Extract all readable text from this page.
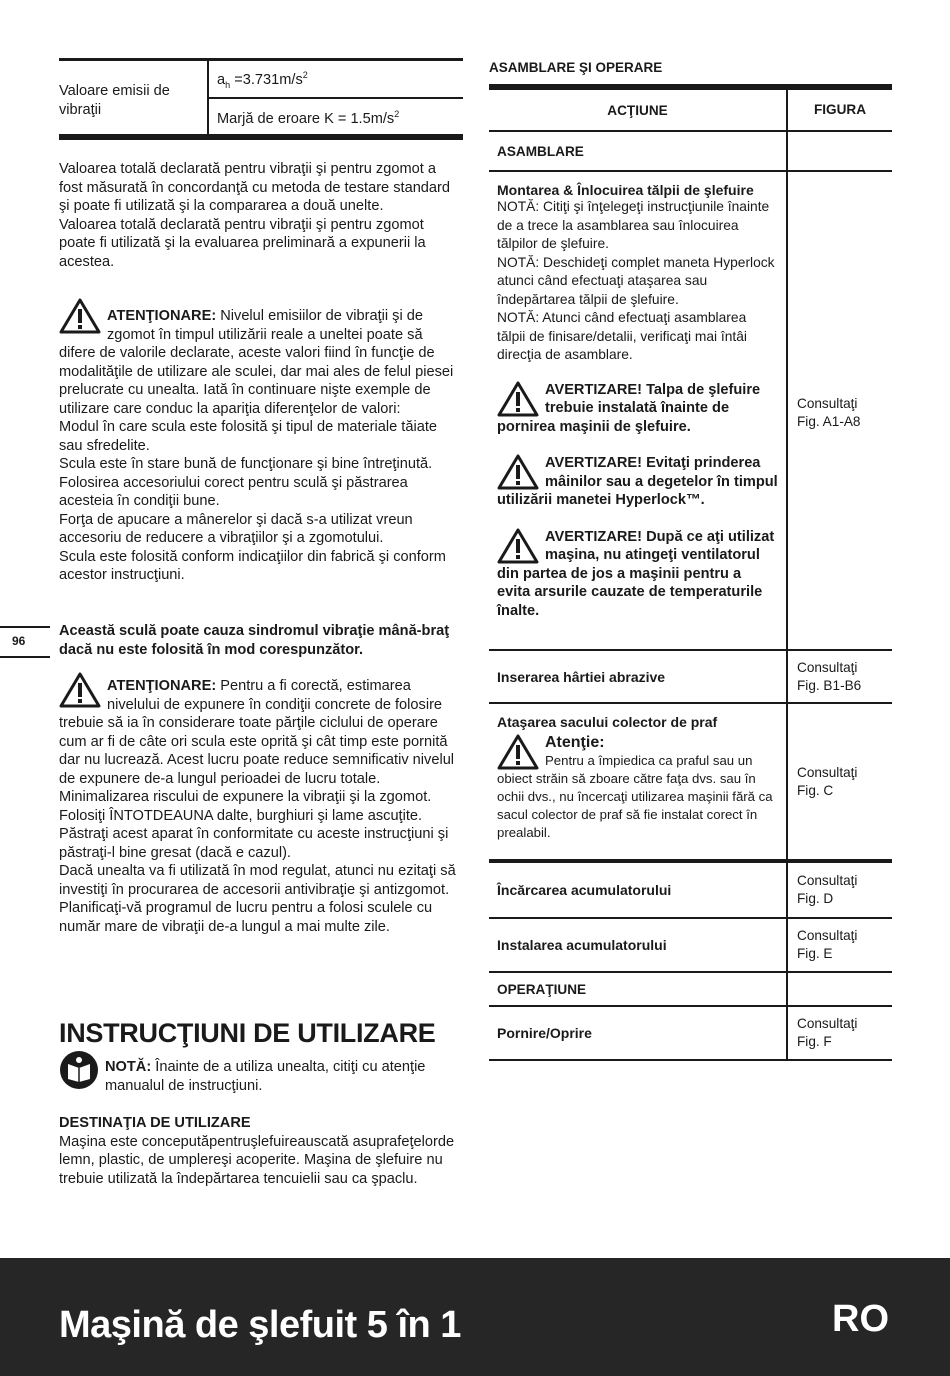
Valoare emisii de vibraţii
$a_h =3.731m/s^2$
Marjă de eroare $K = 1.5m/s^2$
Valoarea totală declarată pentru vibraţii şi pentru zgomot a fost măsurată în concordanţă cu metoda de testare standard şi poate fi utilizată şi la compararea a două unelte.
Valoarea totală declarată pentru vibraţii şi pentru zgomot poate fi utilizată şi la evaluarea preliminară a expunerii la acestea.
ATENŢIONARE: Nivelul emisiilor de vibraţii şi de zgomot în timpul utilizării reale a uneltei poate să difere de valorile declarate, aceste valori fiind în funcţie de modalităţile de utilizare ale sculei, dar mai ales de felul piesei prelucrate cu unealta. Iată în continuare nişte exemple de utilizare care conduc la apariţia diferenţelor de valori:
Modul în care scula este folosită şi tipul de materiale tăiate sau sfredelite.
Scula este în stare bună de funcţionare şi bine întreţinută.
Folosirea accesoriului corect pentru sculă şi păstrarea acesteia în condiţii bune.
Forţa de apucare a mânerelor şi dacă s-a utilizat vreun accesoriu de reducere a vibraţiilor şi a zgomotului.
Scula este folosită conform indicaţiilor din fabrică şi conform acestor instrucţiuni.
96
Această sculă poate cauza sindromul vibraţie mână-braţ dacă nu este folosită în mod corespunzător.
ATENŢIONARE: Pentru a fi corectă, estimarea nivelului de expunere în condiţii concrete de folosire trebuie să ia în considerare toate părţile ciclului de operare cum ar fi de câte ori scula este oprită şi cât timp este pornită dar nu lucrează. Acest lucru poate reduce semnificativ nivelul de expunere de-a lungul perioadei de lucru totale.
Minimalizarea riscului de expunere la vibraţii şi la zgomot.
Folosiţi ÎNTOTDEAUNA dalte, burghiuri şi lame ascuţite.
Păstraţi acest aparat în conformitate cu aceste instrucţiuni şi păstraţi-l bine gresat (dacă e cazul).
Dacă unealta va fi utilizată în mod regulat, atunci nu ezitaţi să investiţi în procurarea de accesorii antivibraţie şi antizgomot.
Planificaţi-vă programul de lucru pentru a folosi sculele cu număr mare de vibraţii de-a lungul a mai multe zile.
INSTRUCŢIUNI DE UTILIZARE
NOTĂ: Înainte de a utiliza unealta, citiţi cu atenţie manualul de instrucţiuni.
DESTINAŢIA DE UTILIZARE
Maşina este conceputăpentruşlefuireauscată asuprafeţelorde lemn, plastic, de umplereşi acoperite. Maşina de şlefuire nu trebuie utilizată la îndepărtarea tencuielii sau ca şpaclu.
ASAMBLARE ŞI OPERARE
ACŢIUNE	FIGURA
ASAMBLARE
Montarea & Înlocuirea tălpii de şlefuire
NOTĂ: Citiţi şi înţelegeţi instrucţiunile înainte de a trece la asamblarea sau înlocuirea tălpilor de şlefuire.
NOTĂ: Deschideţi complet maneta Hyperlock atunci când efectuaţi ataşarea sau îndepărtarea tălpii de şlefuire.
NOTĂ: Atunci când efectuaţi asamblarea tălpii de finisare/detalii, verificaţi mai întâi direcţia de asamblare.
AVERTIZARE! Talpa de şlefuire trebuie instalată înainte de pornirea maşinii de şlefuire.
AVERTIZARE! Evitaţi prinderea mâinilor sau a degetelor în timpul utilizării manetei Hyperlock™.
AVERTIZARE! După ce aţi utilizat maşina, nu atingeţi ventilatorul din partea de jos a maşinii pentru a evita arsurile cauzate de temperaturile înalte.
Consultaţi Fig. A1-A8
Inserarea hârtiei abrazive
Consultaţi Fig. B1-B6
Ataşarea sacului colector de praf
Atenţie:
Pentru a împiedica ca praful sau un obiect străin să zboare către faţa dvs. sau în ochii dvs., nu încercaţi utilizarea maşinii fără ca sacul colector de praf să fie instalat corect în prealabil.
Consultaţi Fig. C
Încărcarea acumulatorului
Consultaţi Fig. D
Instalarea acumulatorului
Consultaţi Fig. E
OPERAŢIUNE
Pornire/Oprire
Consultaţi Fig. F
Maşină de şlefuit 5 în 1	RO
